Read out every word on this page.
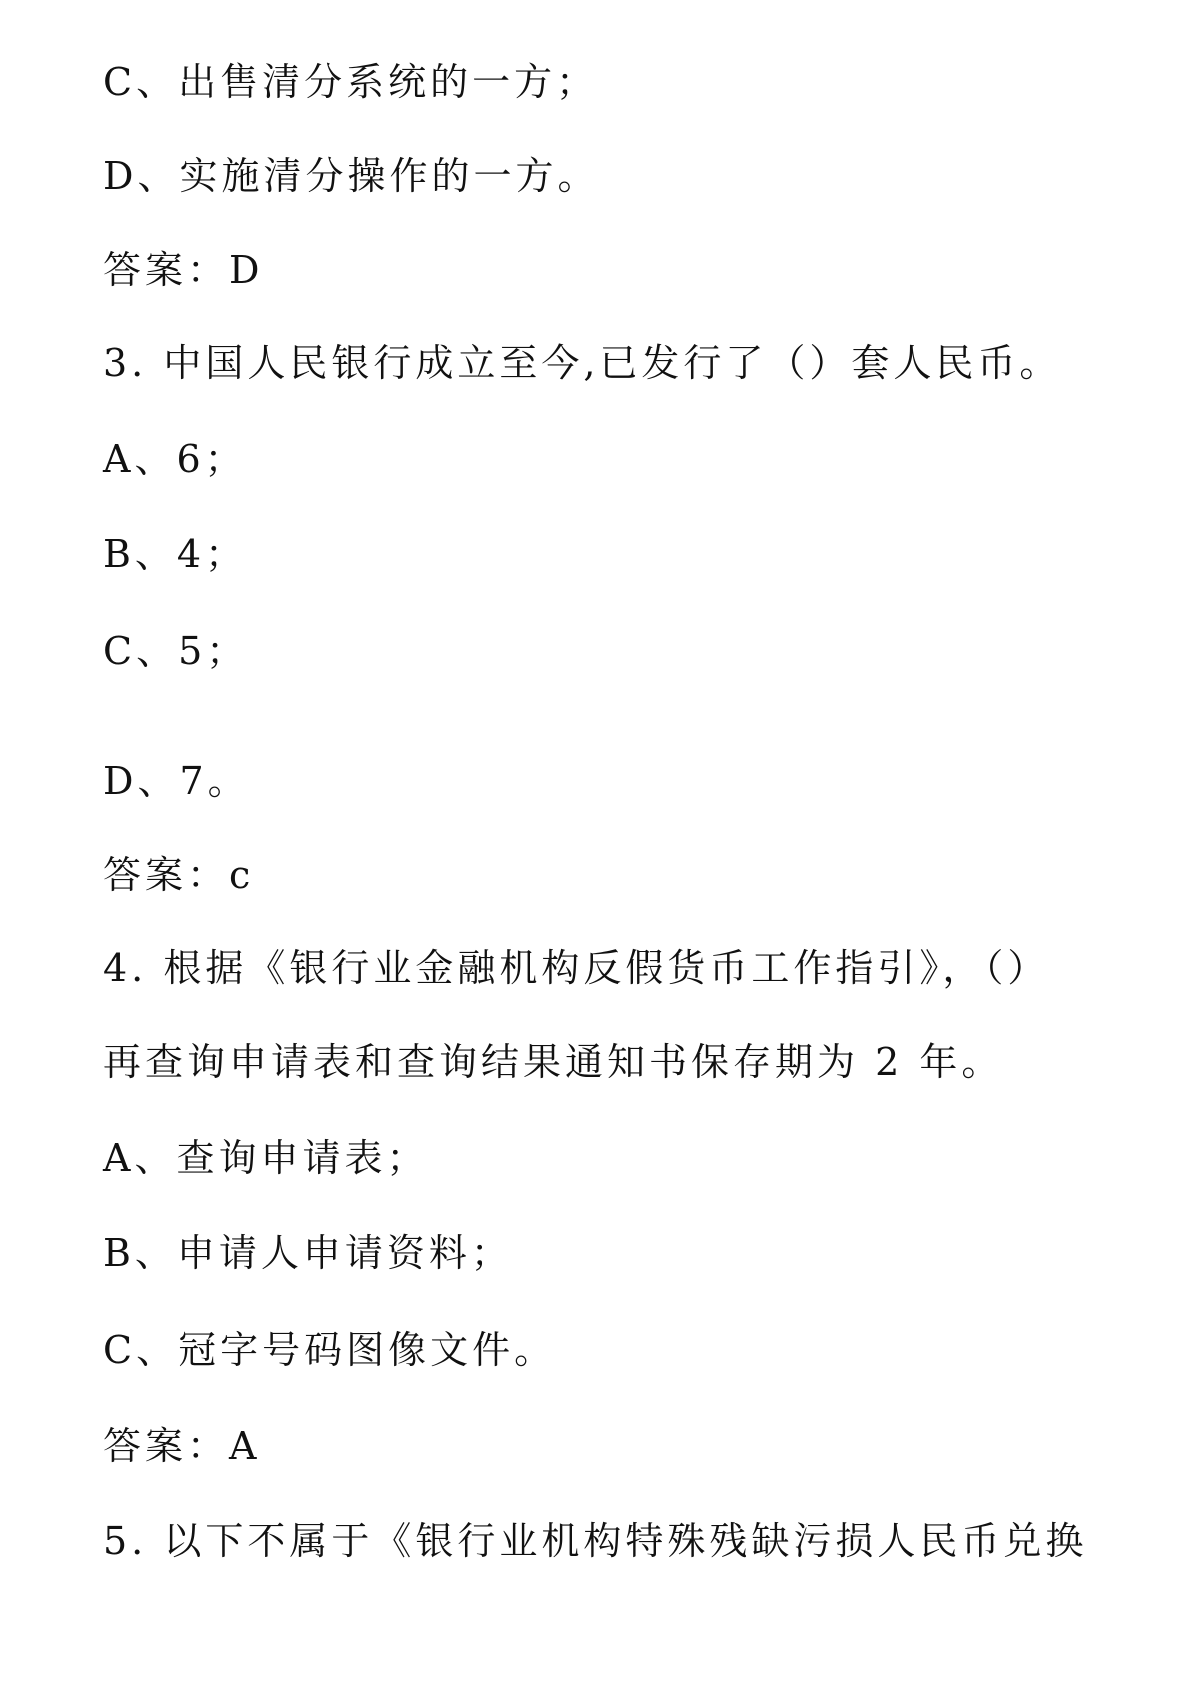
C、出售清分系统的一方；
D、实施清分操作的一方。
答案：D
3. 中国人民银行成立至今,已发行了（）套人民币。
A、6；
B、4；
C、5；
D、7。
答案：c
4. 根据《银行业金融机构反假货币工作指引》，（）
再查询申请表和查询结果通知书保存期为 2 年。
A、查询申请表；
B、申请人申请资料；
C、冠字号码图像文件。
答案：A
5. 以下不属于《银行业机构特殊残缺污损人民币兑换
